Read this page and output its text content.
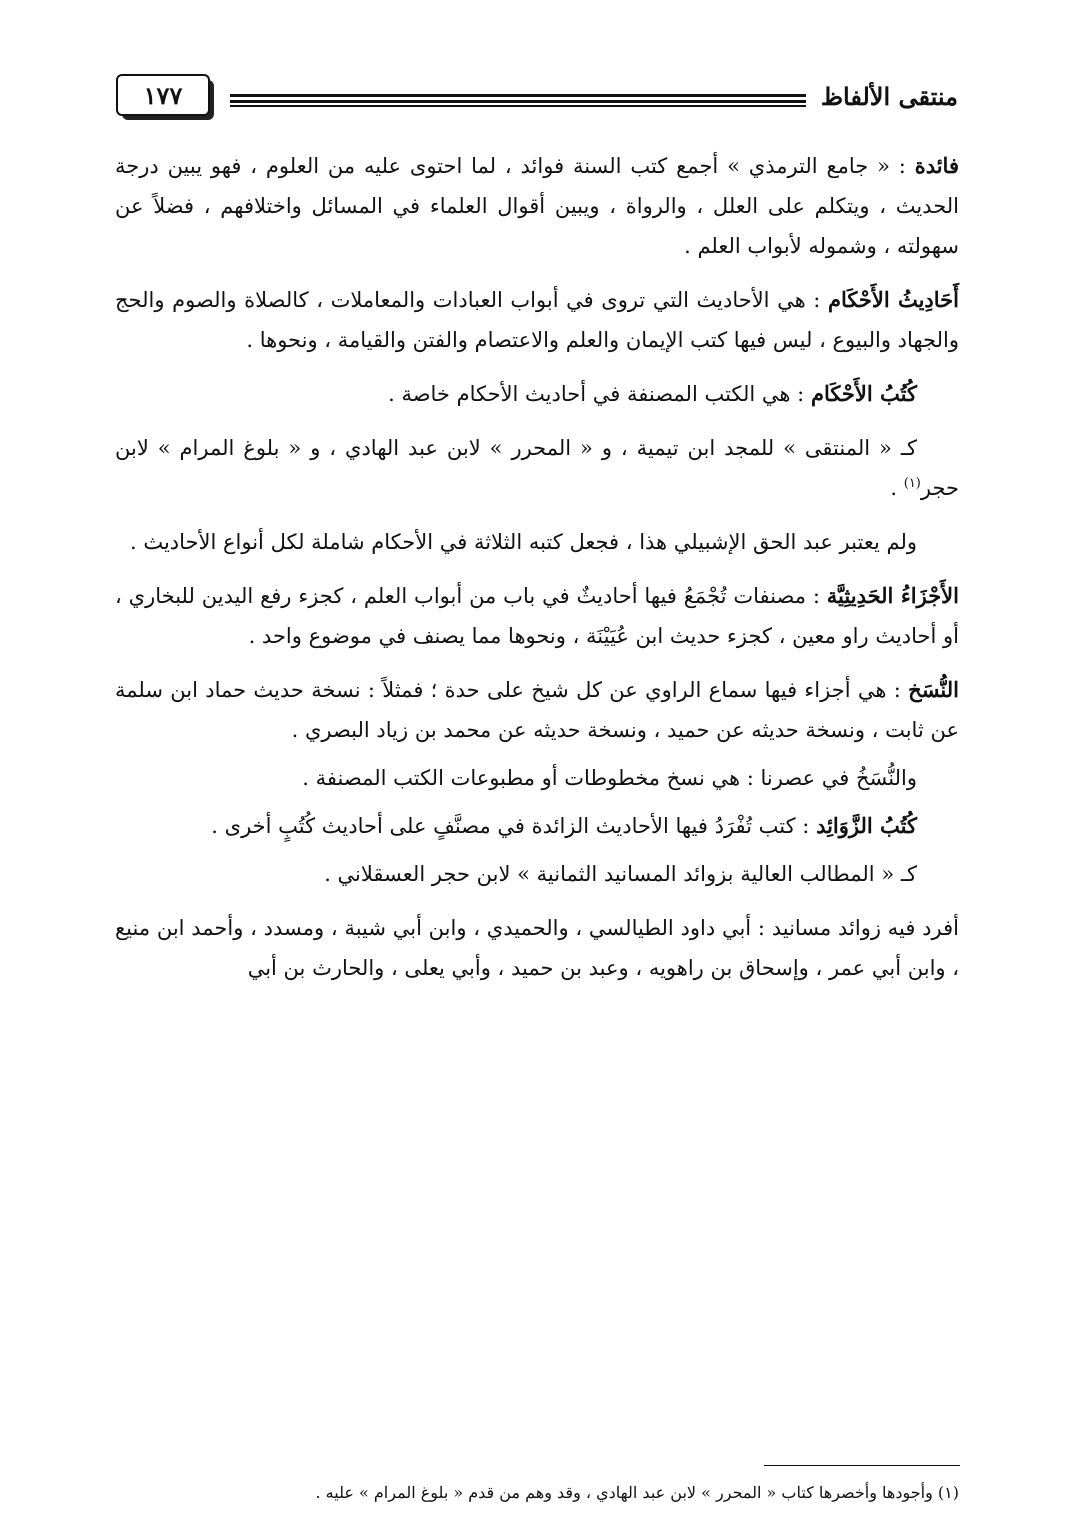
منتقى الألفاظ
١٧٧

فائدة : « جامع الترمذي » أجمع كتب السنة فوائد ، لما احتوى عليه من العلوم ، فهو يبين درجة الحديث ، ويتكلم على العلل ، والرواة ، ويبين أقوال العلماء في المسائل واختلافهم ، فضلاً عن سهولته ، وشموله لأبواب العلم .

أَحَادِيثُ الأَحْكَام : هي الأحاديث التي تروى في أبواب العبادات والمعاملات ، كالصلاة والصوم والحج والجهاد والبيوع ، ليس فيها كتب الإيمان والعلم والاعتصام والفتن والقيامة ، ونحوها .

كُتُبُ الأَحْكَام : هي الكتب المصنفة في أحاديث الأحكام خاصة .

كـ « المنتقى » للمجد ابن تيمية ، و « المحرر » لابن عبد الهادي ، و « بلوغ المرام » لابن حجر$^{(١)}$ .

ولم يعتبر عبد الحق الإشبيلي هذا ، فجعل كتبه الثلاثة في الأحكام شاملة لكل أنواع الأحاديث .

الأَجْزَاءُ الحَدِيثِيَّة : مصنفات تُجْمَعُ فيها أحاديثٌ في باب من أبواب العلم ، كجزء رفع اليدين للبخاري ، أو أحاديث راو معين ، كجزء حديث ابن عُيَيْنَة ، ونحوها مما يصنف في موضوع واحد .

النُّسَخ : هي أجزاء فيها سماع الراوي عن كل شيخ على حدة ؛ فمثلاً : نسخة حديث حماد ابن سلمة عن ثابت ، ونسخة حديثه عن حميد ، ونسخة حديثه عن محمد بن زياد البصري .

والنُّسَخُ في عصرنا : هي نسخ مخطوطات أو مطبوعات الكتب المصنفة .

كُتُبُ الزَّوَائِد : كتب تُفْرَدُ فيها الأحاديث الزائدة في مصنَّفٍ على أحاديث كُتُبٍ أخرى .

كـ « المطالب العالية بزوائد المسانيد الثمانية » لابن حجر العسقلاني .

أفرد فيه زوائد مسانيد : أبي داود الطيالسي ، والحميدي ، وابن أبي شيبة ، ومسدد ، وأحمد ابن منيع ، وابن أبي عمر ، وإسحاق بن راهويه ، وعبد بن حميد ، وأبي يعلى ، والحارث بن أبي

(١) وأجودها وأخصرها كتاب « المحرر » لابن عبد الهادي ، وقد وهم من قدم « بلوغ المرام » عليه .
